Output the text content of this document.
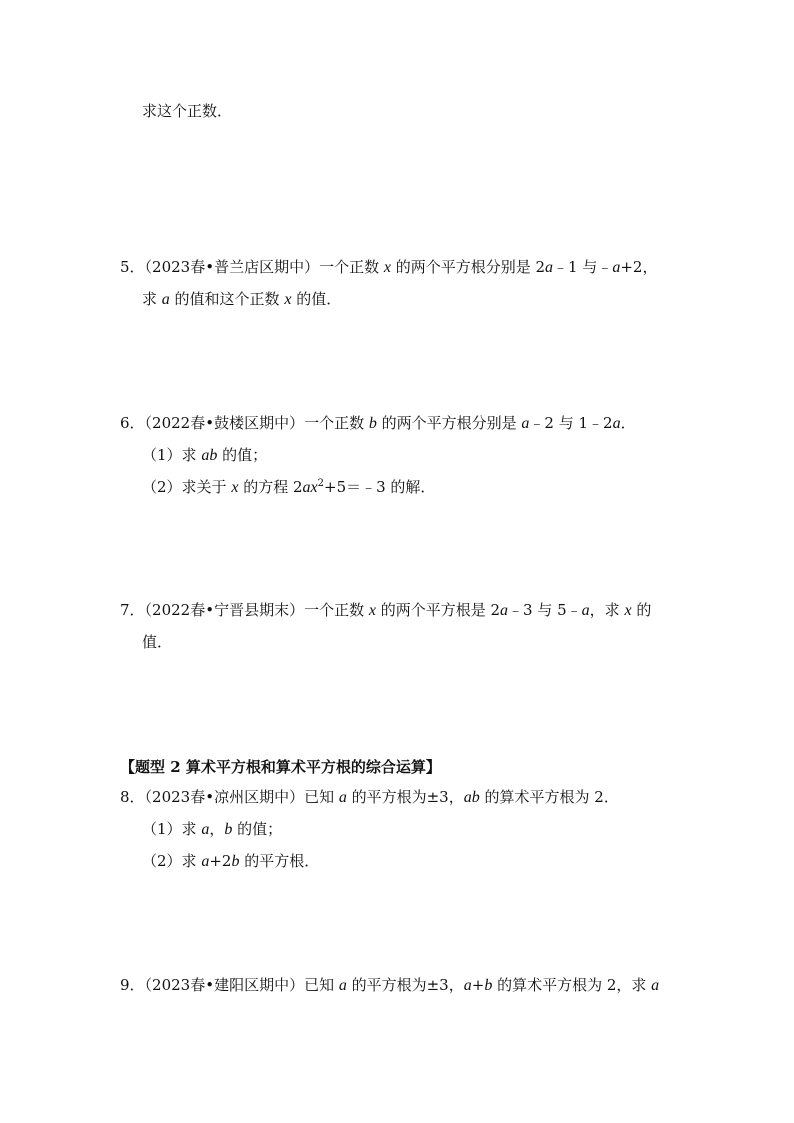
求这个正数．
5．（2023春•普兰店区期中）一个正数 x 的两个平方根分别是 2a﹣1 与﹣a+2，
求 a 的值和这个正数 x 的值．
6．（2022春•鼓楼区期中）一个正数 b 的两个平方根分别是 a﹣2 与 1﹣2a．
（1）求 ab 的值；
（2）求关于 x 的方程 $2ax^2+5=﹣3$ 的解．
7．（2022春•宁晋县期末）一个正数 x 的两个平方根是 2a﹣3 与 5﹣a，求 x 的
值．
【题型 2 算术平方根和算术平方根的综合运算】
8．（2023春•凉州区期中）已知 a 的平方根为±3，ab 的算术平方根为 2．
（1）求 a，b 的值；
（2）求 a+2b 的平方根．
9．（2023春•建阳区期中）已知 a 的平方根为±3，a+b 的算术平方根为 2，求 a
